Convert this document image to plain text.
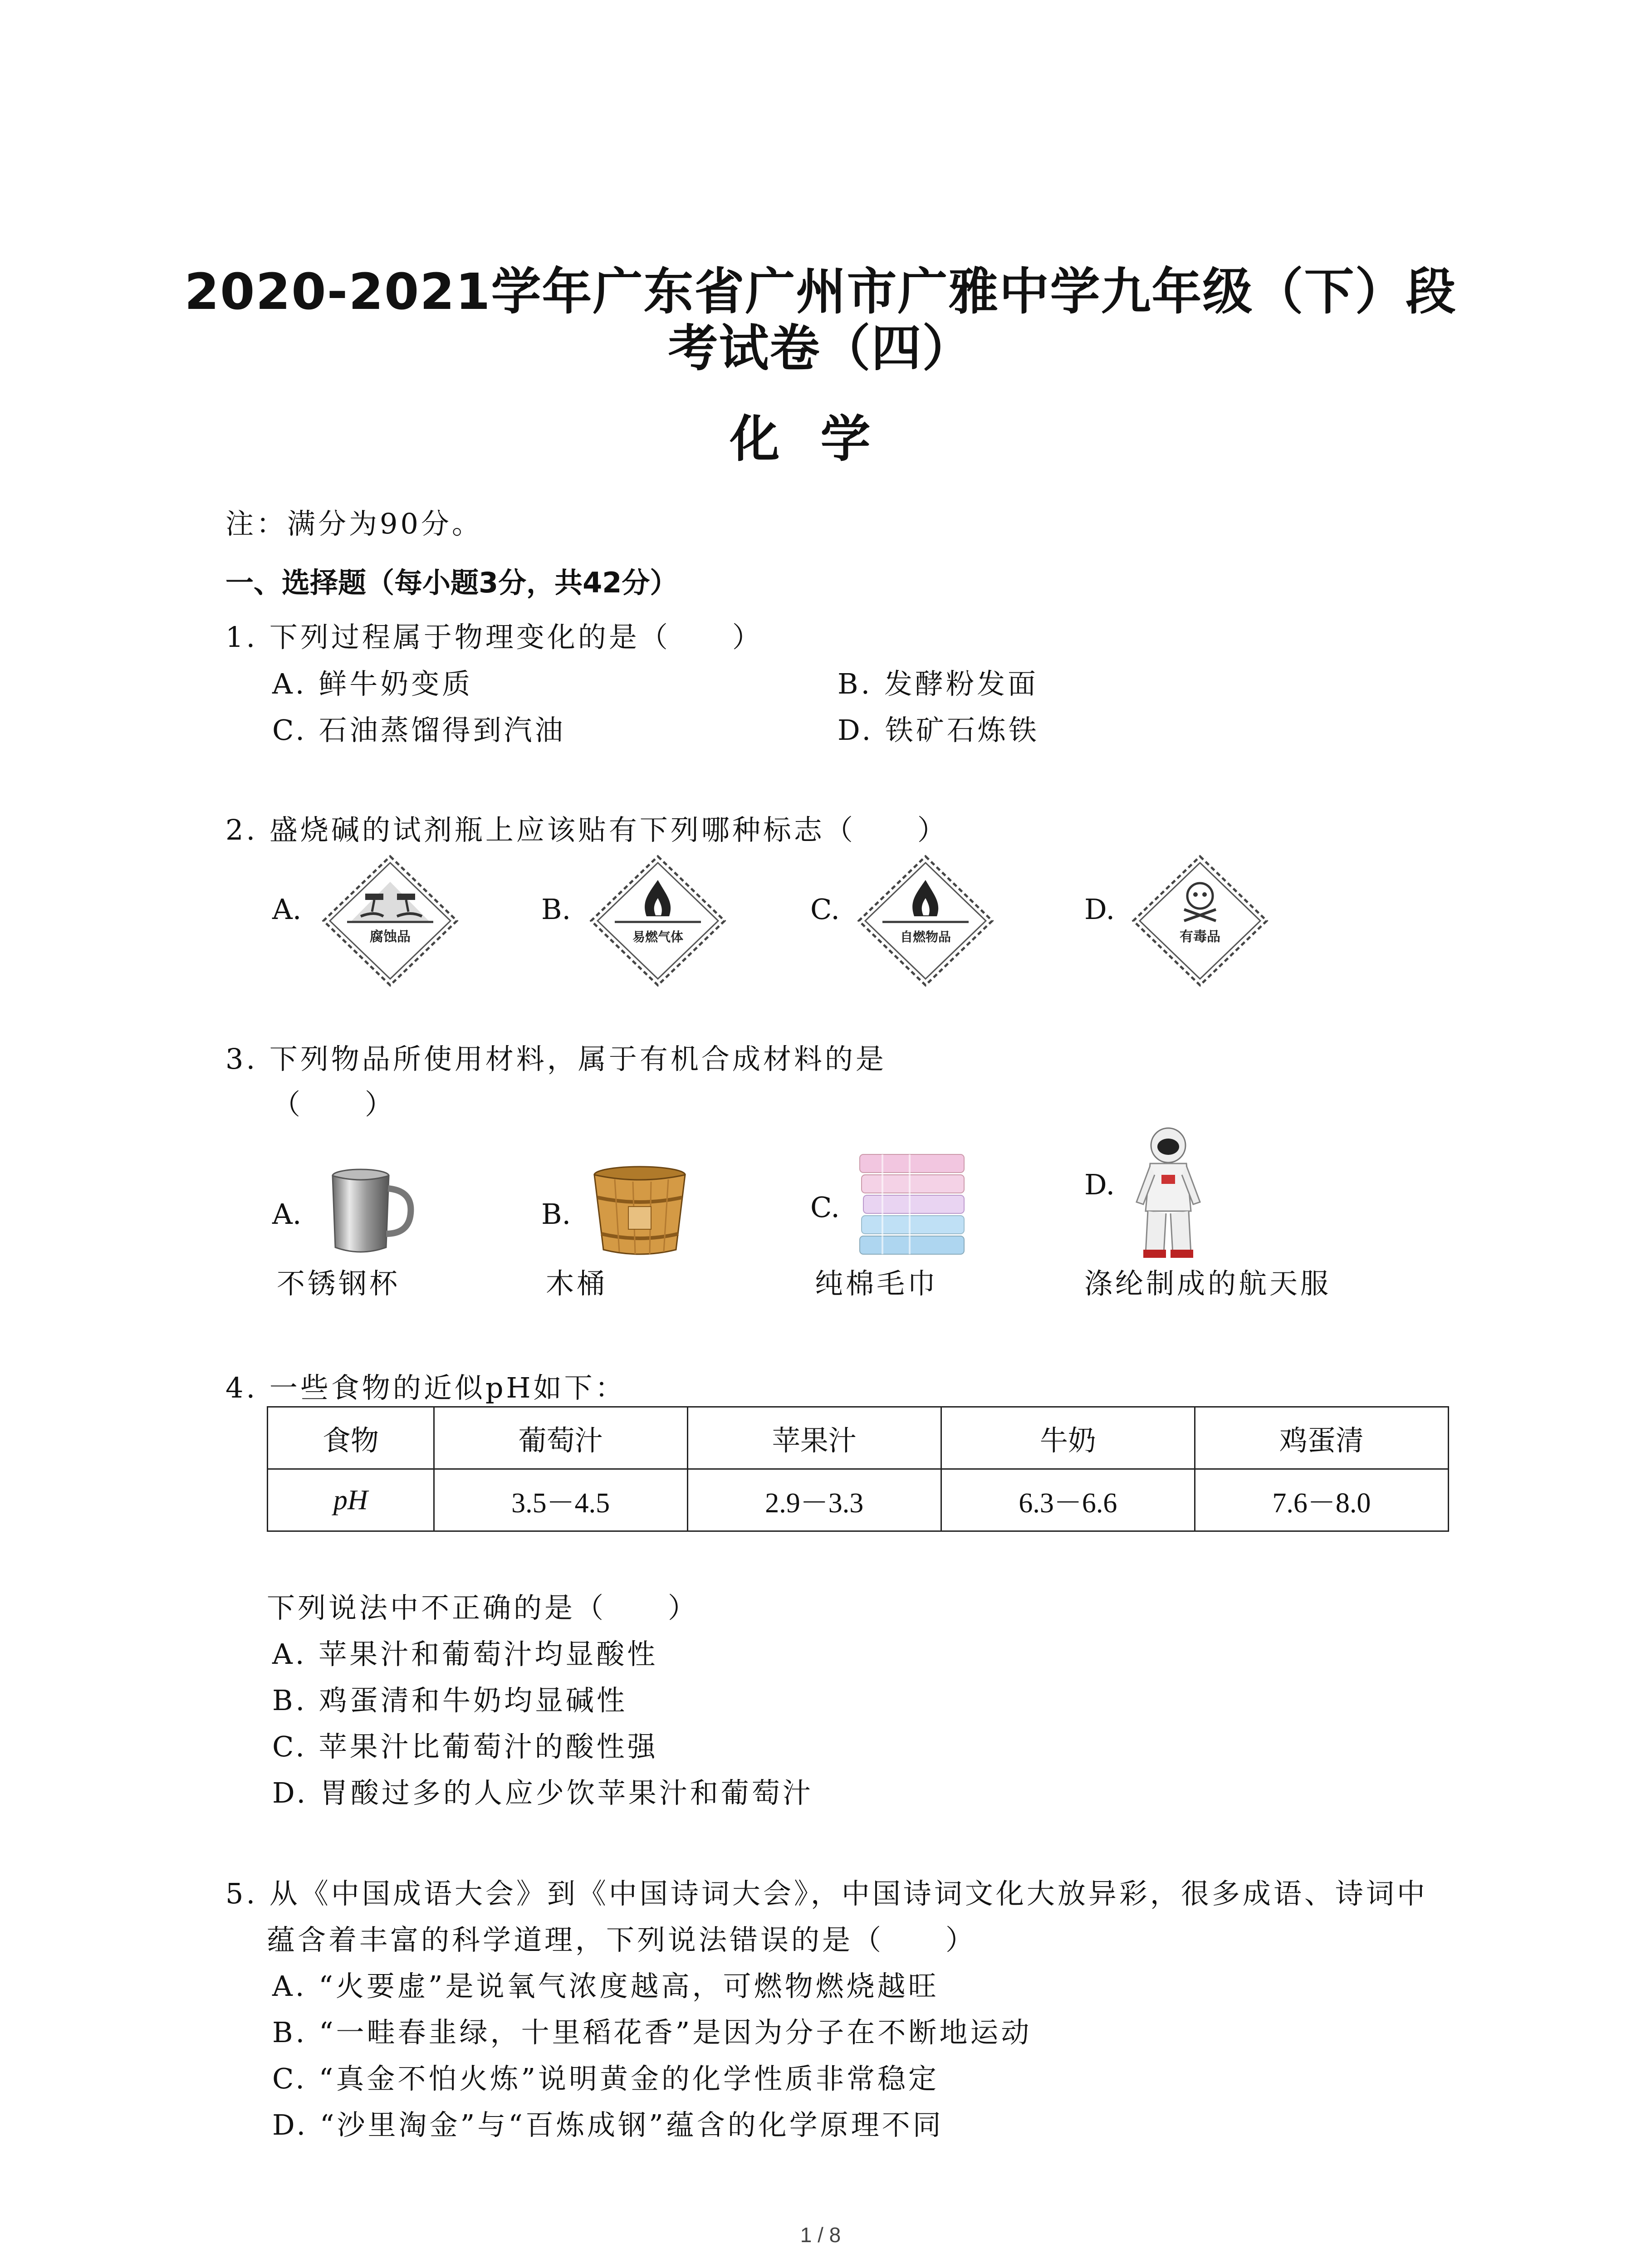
2020-2021学年广东省广州市广雅中学九年级（下）段
考试卷（四）
化学
注：满分为90分。
一、选择题（每小题3分，共42分）
1. 下列过程属于物理变化的是（　　）
A. 鲜牛奶变质	B. 发酵粉发面
C. 石油蒸馏得到汽油	D. 铁矿石炼铁
2. 盛烧碱的试剂瓶上应该贴有下列哪种标志（　　）
A.
腐蚀品
B.
易燃气体
C.
自燃物品
D.
有毒品
3. 下列物品所使用材料，属于有机合成材料的是
（　　）
A.
不锈钢杯
B.
木桶
C.
纯棉毛巾
D.
涤纶制成的航天服
4. 一些食物的近似pH如下：
食物	葡萄汁	苹果汁	牛奶	鸡蛋清
pH	3.5－4.5	2.9－3.3	6.3－6.6	7.6－8.0
下列说法中不正确的是（　　）
A. 苹果汁和葡萄汁均显酸性
B. 鸡蛋清和牛奶均显碱性
C. 苹果汁比葡萄汁的酸性强
D. 胃酸过多的人应少饮苹果汁和葡萄汁
5. 从《中国成语大会》到《中国诗词大会》，中国诗词文化大放异彩，很多成语、诗词中
蕴含着丰富的科学道理，下列说法错误的是（　　）
A. “火要虚”是说氧气浓度越高，可燃物燃烧越旺
B. “一畦春韭绿，十里稻花香”是因为分子在不断地运动
C. “真金不怕火炼”说明黄金的化学性质非常稳定
D. “沙里淘金”与“百炼成钢”蕴含的化学原理不同
1 / 8
